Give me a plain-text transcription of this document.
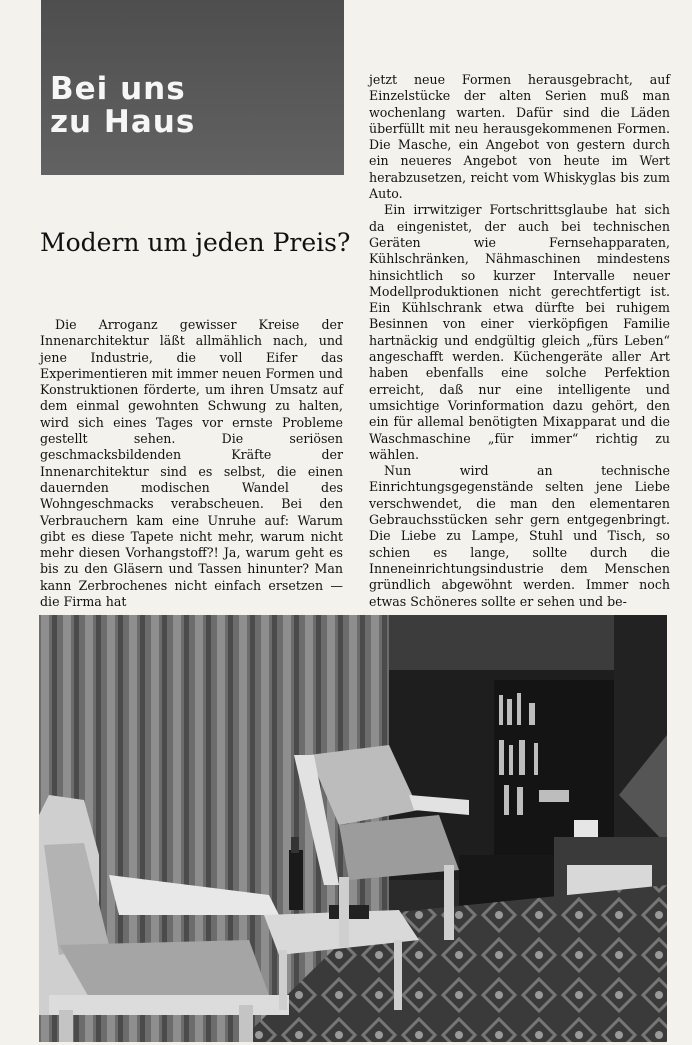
Bei uns
zu Haus
Modern um jeden Preis?

Die Arroganz gewisser Kreise der Innenarchitektur läßt allmählich nach, und jene Industrie, die voll Eifer das Experimentieren mit immer neuen Formen und Konstruktionen förderte, um ihren Umsatz auf dem einmal gewohnten Schwung zu halten, wird sich eines Tages vor ernste Probleme gestellt sehen. Die seriösen geschmacksbildenden Kräfte der Innenarchitektur sind es selbst, die einen dauernden modischen Wandel des Wohngeschmacks verabscheuen. Bei den Verbrauchern kam eine Unruhe auf: Warum gibt es diese Tapete nicht mehr, warum nicht mehr diesen Vorhangstoff?! Ja, warum geht es bis zu den Gläsern und Tassen hinunter? Man kann Zerbrochenes nicht einfach ersetzen — die Firma hat

jetzt neue Formen herausgebracht, auf Einzelstücke der alten Serien muß man wochenlang warten. Dafür sind die Läden überfüllt mit neu herausgekommenen Formen. Die Masche, ein Angebot von gestern durch ein neueres Angebot von heute im Wert herabzusetzen, reicht vom Whiskyglas bis zum Auto.

Ein irrwitziger Fortschrittsglaube hat sich da eingenistet, der auch bei technischen Geräten wie Fernsehapparaten, Kühlschränken, Nähmaschinen mindestens hinsichtlich so kurzer Intervalle neuer Modellproduktionen nicht gerechtfertigt ist. Ein Kühlschrank etwa dürfte bei ruhigem Besinnen von einer vierköpfigen Familie hartnäckig und endgültig gleich „fürs Leben“ angeschafft werden. Küchengeräte aller Art haben ebenfalls eine solche Perfektion erreicht, daß nur eine intelligente und umsichtige Vorinformation dazu gehört, den ein für allemal benötigten Mixapparat und die Waschmaschine „für immer“ richtig zu wählen.

Nun wird an technische Einrichtungsgegenstände selten jene Liebe verschwendet, die man den elementaren Gebrauchsstücken sehr gern entgegenbringt. Die Liebe zu Lampe, Stuhl und Tisch, so schien es lange, sollte durch die Inneneinrichtungsindustrie dem Menschen gründlich abgewöhnt werden. Immer noch etwas Schöneres sollte er sehen und be-
